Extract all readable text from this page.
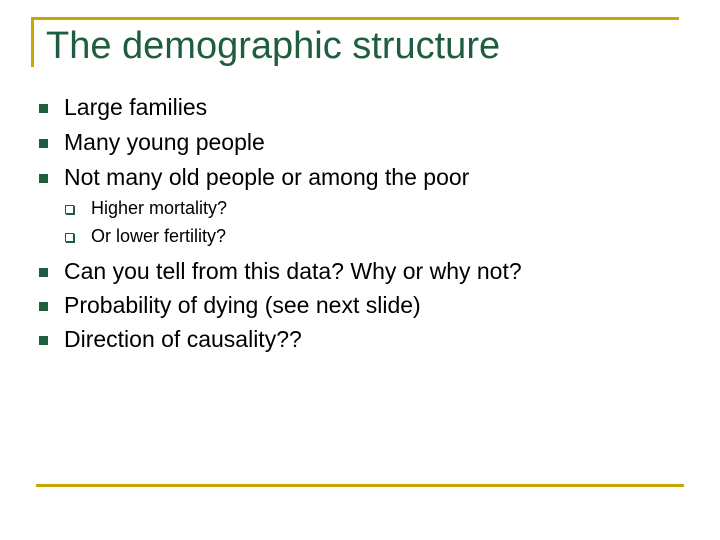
The demographic structure
Large families
Many young people
Not many old people or among the poor
Higher mortality?
Or lower fertility?
Can you tell from this data? Why or why not?
Probability of dying (see next slide)
Direction of causality??
